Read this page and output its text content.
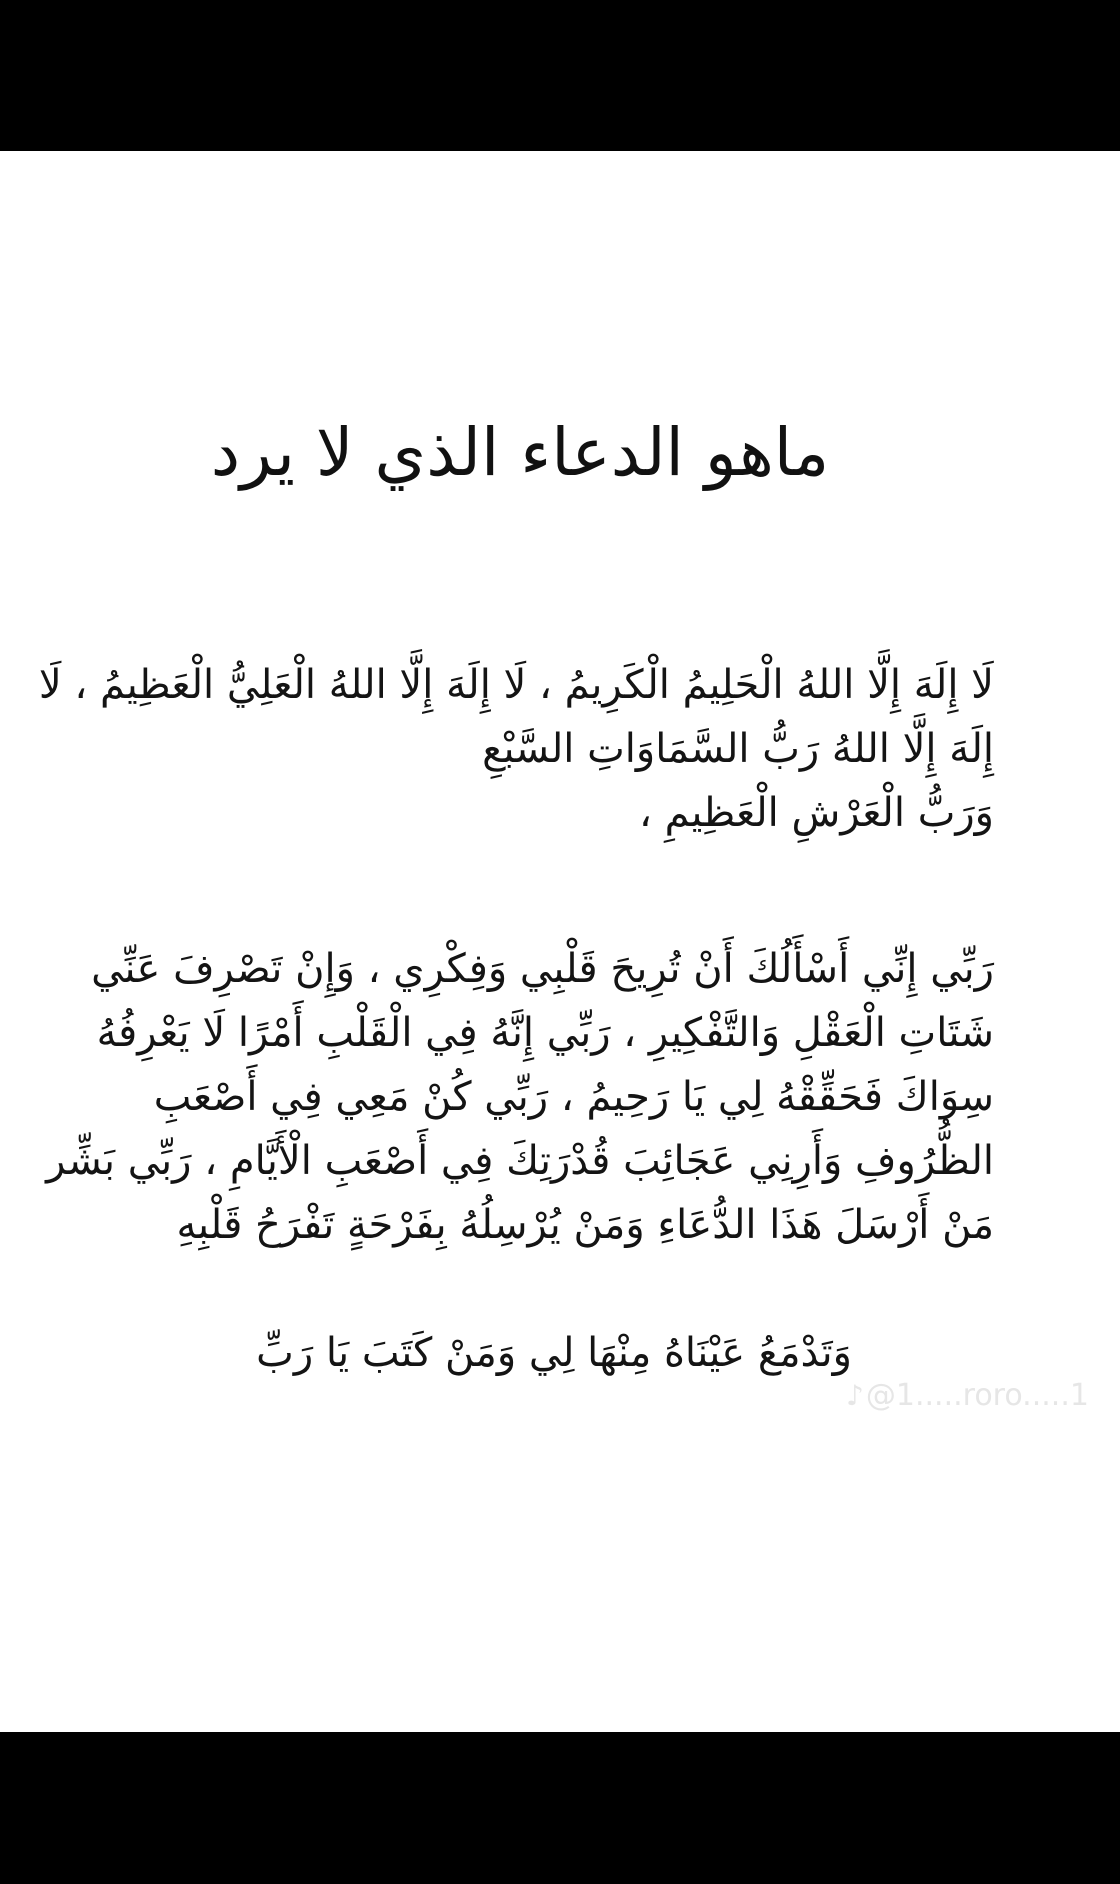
ماهو الدعاء الذي لا يرد

لَا إِلَهَ إِلَّا اللهُ الْحَلِيمُ الْكَرِيمُ ، لَا إِلَهَ إِلَّا اللهُ الْعَلِيُّ الْعَظِيمُ ، لَا
إِلَهَ إِلَّا اللهُ رَبُّ السَّمَاوَاتِ السَّبْعِ
وَرَبُّ الْعَرْشِ الْعَظِيمِ ،

رَبِّي إِنِّي أَسْأَلُكَ أَنْ تُرِيحَ قَلْبِي وَفِكْرِي ، وَإِنْ تَصْرِفَ عَنِّي
شَتَاتِ الْعَقْلِ وَالتَّفْكِيرِ ، رَبِّي إِنَّهُ فِي الْقَلْبِ أَمْرًا لَا يَعْرِفُهُ
سِوَاكَ فَحَقِّقْهُ لِي يَا رَحِيمُ ، رَبِّي كُنْ مَعِي فِي أَصْعَبِ
الظُّرُوفِ وَأَرِنِي عَجَائِبَ قُدْرَتِكَ فِي أَصْعَبِ الْأَيَّامِ ، رَبِّي بَشِّر
مَنْ أَرْسَلَ هَذَا الدُّعَاءِ وَمَنْ يُرْسِلُهُ بِفَرْحَةٍ تَفْرَحُ قَلْبِهِ

وَتَدْمَعُ عَيْنَاهُ مِنْهَا لِي وَمَنْ كَتَبَ يَا رَبِّ

♪@1.....roro.....1
